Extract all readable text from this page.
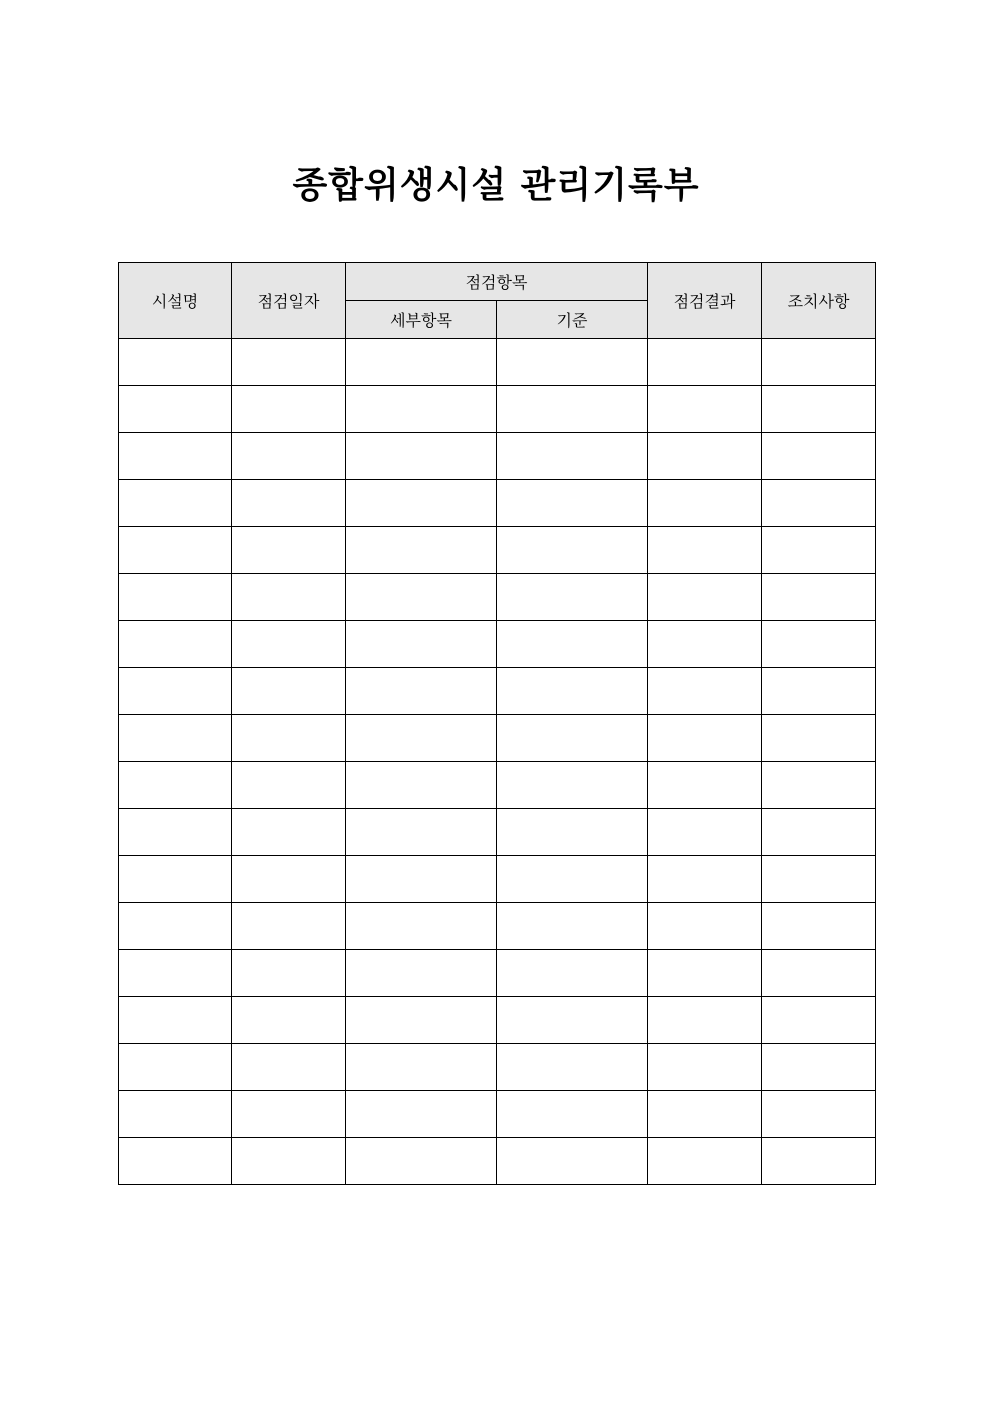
종합위생시설 관리기록부
시설명	점검일자	점검항목		점검결과	조치사항
		세부항목	기준		
